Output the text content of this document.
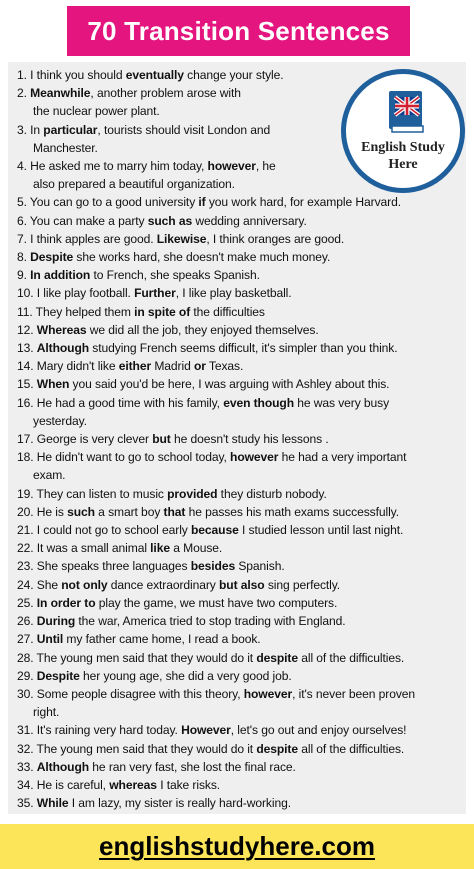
70 Transition Sentences
1. I think you should eventually change your style.
2. Meanwhile, another problem arose with
the nuclear power plant.
3. In particular, tourists should visit London and
Manchester.
4. He asked me to marry him today, however, he
also prepared a beautiful organization.
5. You can go to a good university if you work hard, for example Harvard.
6. You can make a party such as wedding anniversary.
7. I think apples are good. Likewise, I think oranges are good.
8. Despite she works hard, she doesn't make much money.
9. In addition to French, she speaks Spanish.
10. I like play football. Further, I like play basketball.
11. They helped them in spite of the difficulties
12. Whereas we did all the job, they enjoyed themselves.
13. Although studying French seems difficult, it's simpler than you think.
14. Mary didn't like either Madrid or Texas.
15. When you said you'd be here, I was arguing with Ashley about this.
16. He had a good time with his family, even though he was very busy
yesterday.
17. George is very clever but he doesn't study his lessons .
18. He didn't want to go to school today, however he had a very important
exam.
19. They can listen to music provided they disturb nobody.
20. He is such a smart boy that he passes his math exams successfully.
21. I could not go to school early because I studied lesson until last night.
22. It was a small animal like a Mouse.
23. She speaks three languages besides Spanish.
24. She not only dance extraordinary but also sing perfectly.
25. In order to play the game, we must have two computers.
26. During the war, America tried to stop trading with England.
27. Until my father came home, I read a book.
28. The young men said that they would do it despite all of the difficulties.
29. Despite her young age, she did a very good job.
30. Some people disagree with this theory, however, it's never been proven
right.
31. It's raining very hard today. However, let's go out and enjoy ourselves!
32. The young men said that they would do it despite all of the difficulties.
33. Although he ran very fast, she lost the final race.
34. He is careful, whereas I take risks.
35. While I am lazy, my sister is really hard-working.
English Study
Here
englishstudyhere.com
